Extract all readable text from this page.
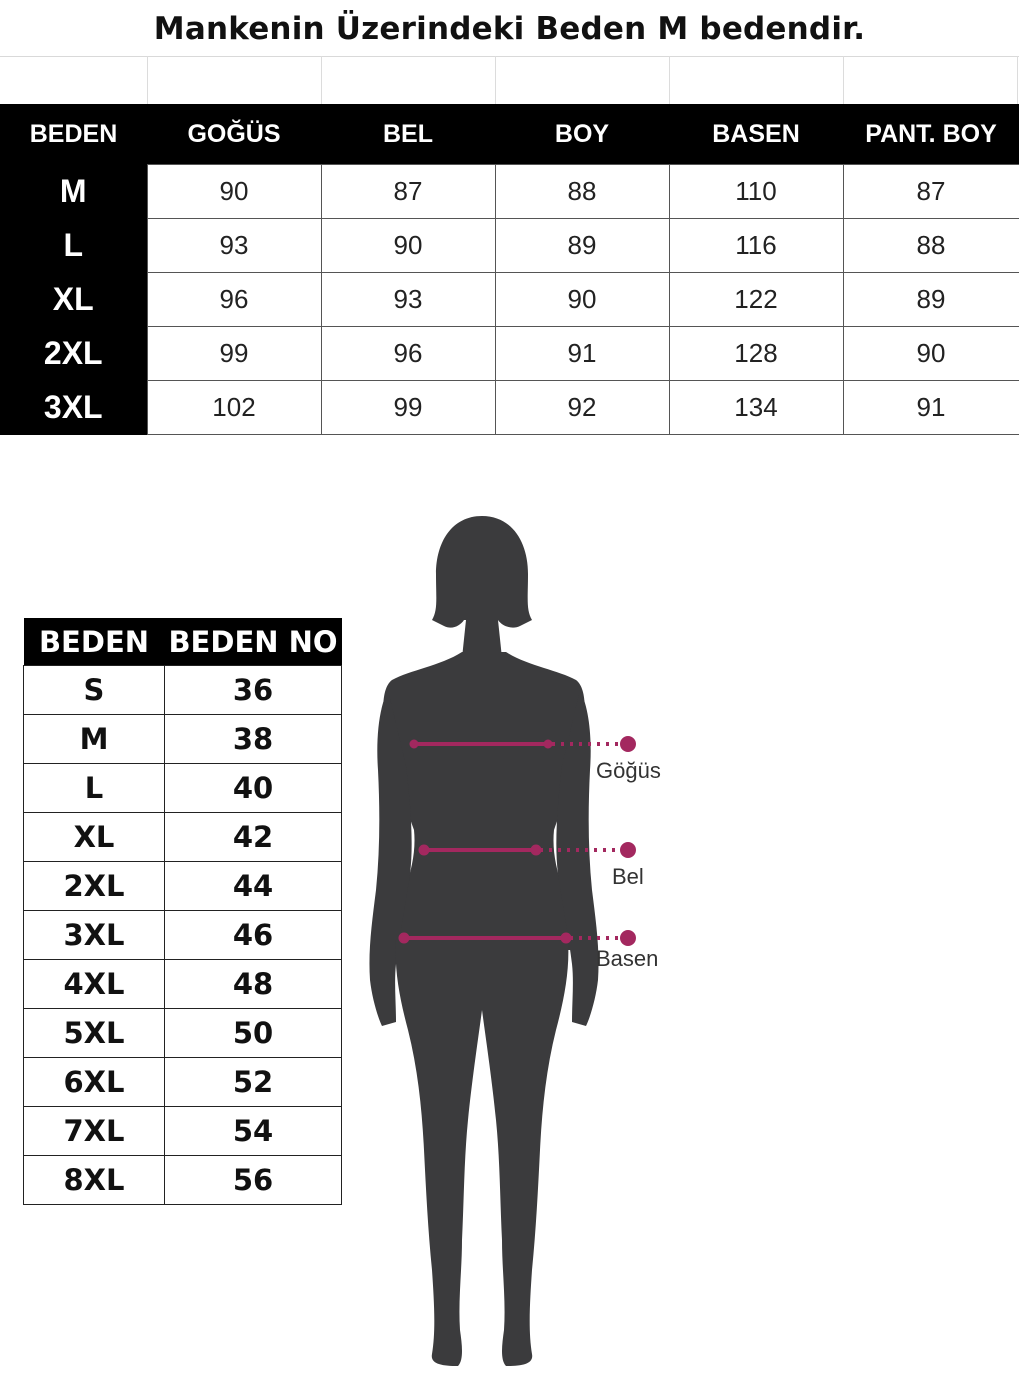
Mankenin Üzerindeki Beden M bedendir.
BEDEN	GOĞÜS	BEL	BOY	BASEN	PANT. BOY
M	90	87	88	110	87
L	93	90	89	116	88
XL	96	93	90	122	89
2XL	99	96	91	128	90
3XL	102	99	92	134	91
BEDEN	BEDEN NO
S	36
M	38
L	40
XL	42
2XL	44
3XL	46
4XL	48
5XL	50
6XL	52
7XL	54
8XL	56
Göğüs
Bel
Basen
